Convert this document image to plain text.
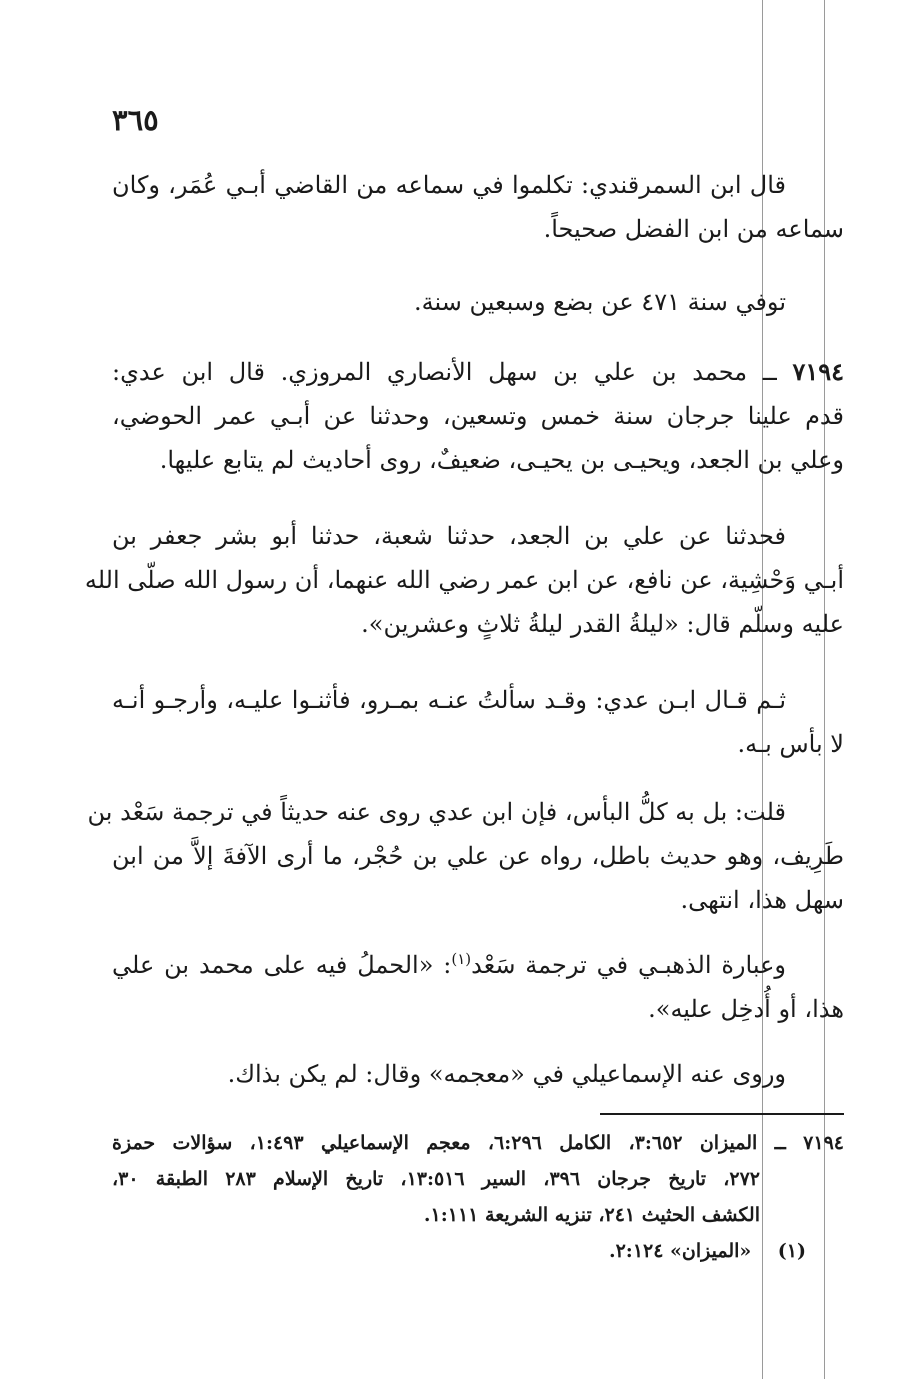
٣٦٥
قال ابن السمرقندي: تكلموا في سماعه من القاضي أبـي عُمَر، وكان
سماعه من ابن الفضل صحيحاً.
توفي سنة ٤٧١ عن بضع وسبعين سنة.
٧١٩٤ ــ محمد بن علي بن سهل الأنصاري المروزي. قال ابن عدي:
قدم علينا جرجان سنة خمس وتسعين، وحدثنا عن أبـي عمر الحوضي،
وعلي بن الجعد، ويحيـى بن يحيـى، ضعيفٌ، روى أحاديث لم يتابع عليها.
فحدثنا عن علي بن الجعد، حدثنا شعبة، حدثنا أبو بشر جعفر بن
أبـي وَحْشِية، عن نافع، عن ابن عمر رضي الله عنهما، أن رسول الله صلّى الله
عليه وسلّم قال: «ليلةُ القدر ليلةُ ثلاثٍ وعشرين».
ثـم قـال ابـن عدي: وقـد سألتُ عنـه بمـرو، فأثنـوا عليـه، وأرجـو أنـه
لا بأس بـه.
قلت: بل به كلُّ البأس، فإن ابن عدي روى عنه حديثاً في ترجمة سَعْد بن
طَرِيف، وهو حديث باطل، رواه عن علي بن حُجْر، ما أرى الآفةَ إلاَّ من ابن
سهل هذا، انتهى.
وعبارة الذهبـي في ترجمة سَعْد$^{(١)}$: «الحملُ فيه على محمد بن علي
هذا، أو أُدخِل عليه».
وروى عنه الإسماعيلي في «معجمه» وقال: لم يكن بذاك.
٧١٩٤ ــ الميزان ٣:٦٥٢، الكامل ٦:٢٩٦، معجم الإسماعيلي ١:٤٩٣، سؤالات حمزة
٢٧٢، تاريخ جرجان ٣٩٦، السير ١٣:٥١٦، تاريخ الإسلام ٢٨٣ الطبقة ٣٠،
الكشف الحثيث ٢٤١، تنزيه الشريعة ١:١١١.
(١)    «الميزان» ٢:١٢٤.
